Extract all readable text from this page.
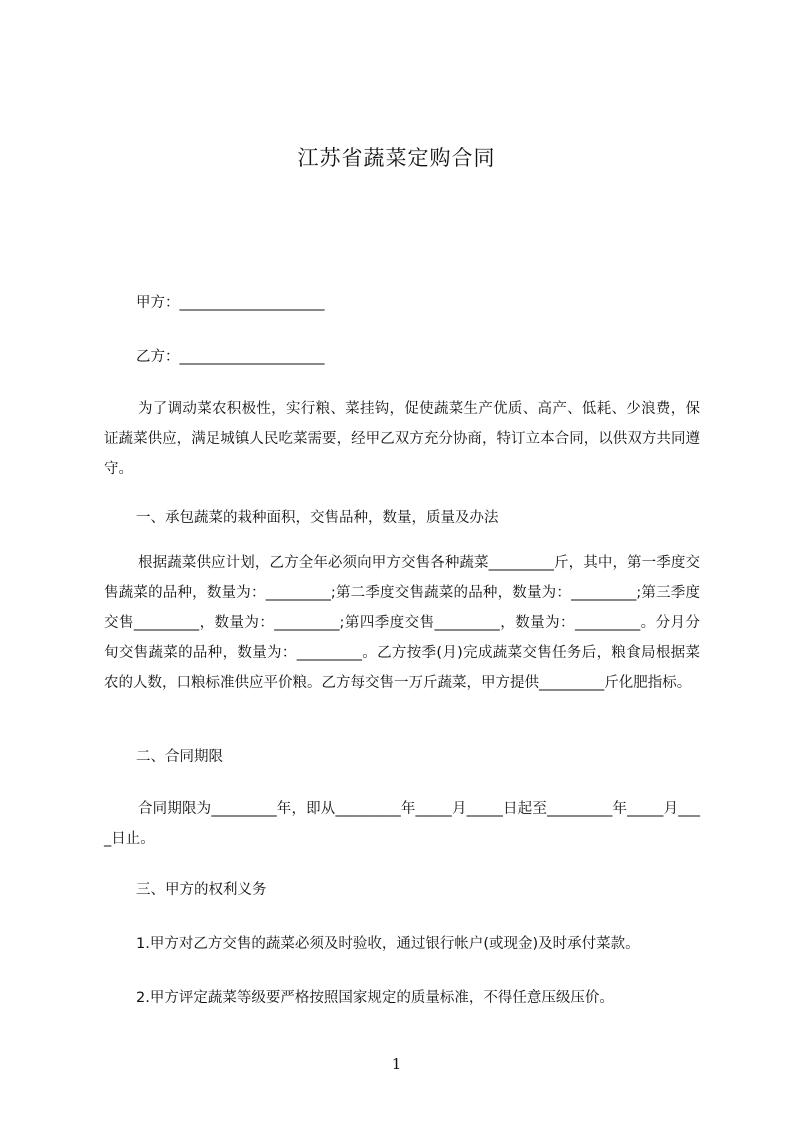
江苏省蔬菜定购合同
甲方：____________________
乙方：____________________
为了调动菜农积极性，实行粮、菜挂钩，促使蔬菜生产优质、高产、低耗、少浪费，保证蔬菜供应，满足城镇人民吃菜需要，经甲乙双方充分协商，特订立本合同，以供双方共同遵守。
一、承包蔬菜的栽种面积，交售品种，数量，质量及办法
根据蔬菜供应计划，乙方全年必须向甲方交售各种蔬菜_________斤，其中，第一季度交售蔬菜的品种，数量为：_________;第二季度交售蔬菜的品种，数量为：_________;第三季度交售_________，数量为：_________;第四季度交售_________，数量为：_________。分月分旬交售蔬菜的品种，数量为：_________。乙方按季(月)完成蔬菜交售任务后，粮食局根据菜农的人数，口粮标准供应平价粮。乙方每交售一万斤蔬菜，甲方提供_________斤化肥指标。
二、合同期限
合同期限为_________年，即从_________年_____月_____日起至_________年_____月____日止。
三、甲方的权利义务
1.甲方对乙方交售的蔬菜必须及时验收，通过银行帐户(或现金)及时承付菜款。
2.甲方评定蔬菜等级要严格按照国家规定的质量标准，不得任意压级压价。
1
